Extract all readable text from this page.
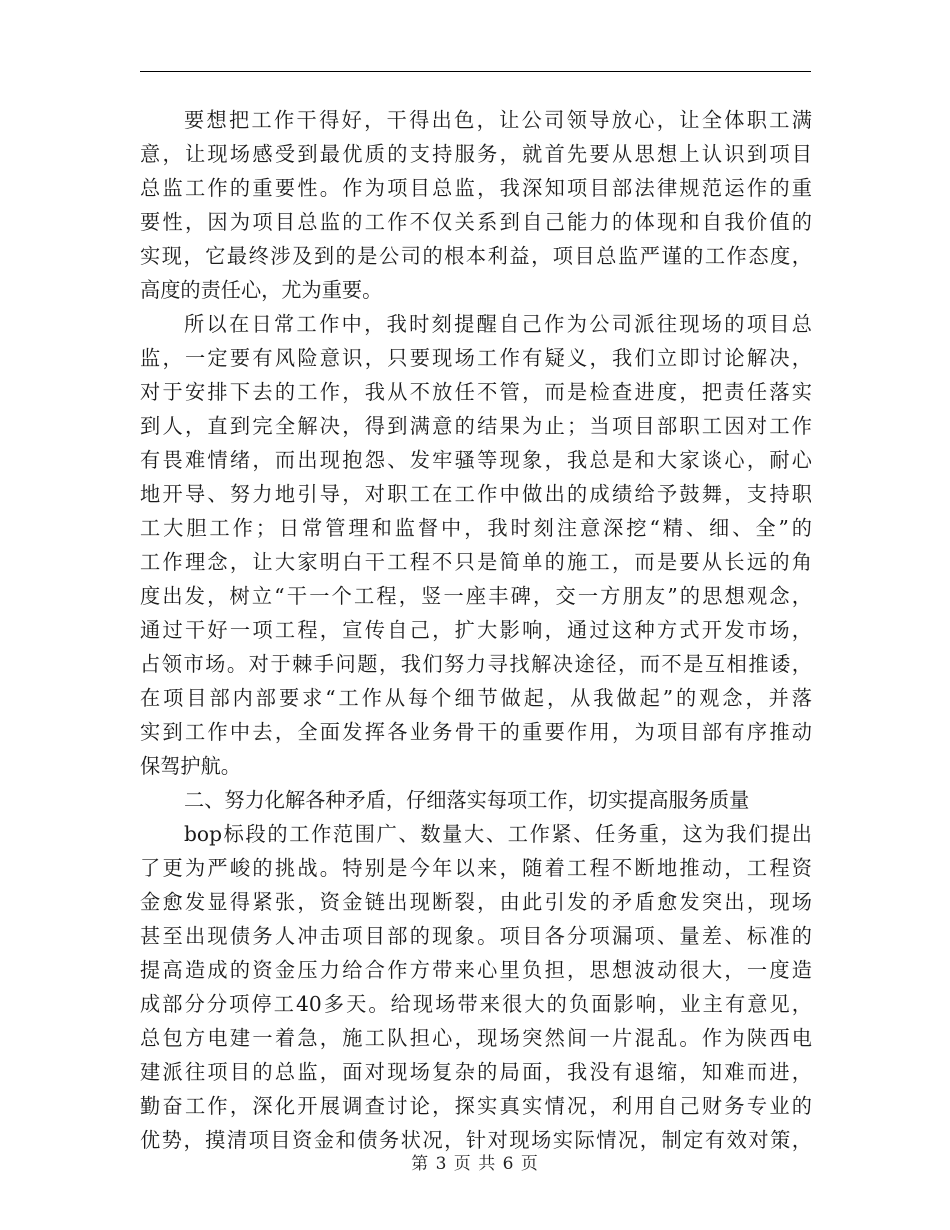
要想把工作干得好，干得出色，让公司领导放心，让全体职工满
意，让现场感受到最优质的支持服务，就首先要从思想上认识到项目
总监工作的重要性。作为项目总监，我深知项目部法律规范运作的重
要性，因为项目总监的工作不仅关系到自己能力的体现和自我价值的
实现，它最终涉及到的是公司的根本利益，项目总监严谨的工作态度，
高度的责任心，尤为重要。
所以在日常工作中，我时刻提醒自己作为公司派往现场的项目总
监，一定要有风险意识，只要现场工作有疑义，我们立即讨论解决，
对于安排下去的工作，我从不放任不管，而是检查进度，把责任落实
到人，直到完全解决，得到满意的结果为止；当项目部职工因对工作
有畏难情绪，而出现抱怨、发牢骚等现象，我总是和大家谈心，耐心
地开导、努力地引导，对职工在工作中做出的成绩给予鼓舞，支持职
工大胆工作；日常管理和监督中，我时刻注意深挖“精、细、全”的
工作理念，让大家明白干工程不只是简单的施工，而是要从长远的角
度出发，树立“干一个工程，竖一座丰碑，交一方朋友”的思想观念，
通过干好一项工程，宣传自己，扩大影响，通过这种方式开发市场，
占领市场。对于棘手问题，我们努力寻找解决途径，而不是互相推诿，
在项目部内部要求“工作从每个细节做起，从我做起”的观念，并落
实到工作中去，全面发挥各业务骨干的重要作用，为项目部有序推动
保驾护航。
二、努力化解各种矛盾，仔细落实每项工作，切实提高服务质量
bop标段的工作范围广、数量大、工作紧、任务重，这为我们提出
了更为严峻的挑战。特别是今年以来，随着工程不断地推动，工程资
金愈发显得紧张，资金链出现断裂，由此引发的矛盾愈发突出，现场
甚至出现债务人冲击项目部的现象。项目各分项漏项、量差、标准的
提高造成的资金压力给合作方带来心里负担，思想波动很大，一度造
成部分分项停工40多天。给现场带来很大的负面影响，业主有意见，
总包方电建一着急，施工队担心，现场突然间一片混乱。作为陕西电
建派往项目的总监，面对现场复杂的局面，我没有退缩，知难而进，
勤奋工作，深化开展调查讨论，探实真实情况，利用自己财务专业的
优势，摸清项目资金和债务状况，针对现场实际情况，制定有效对策，
第 3 页 共 6 页
